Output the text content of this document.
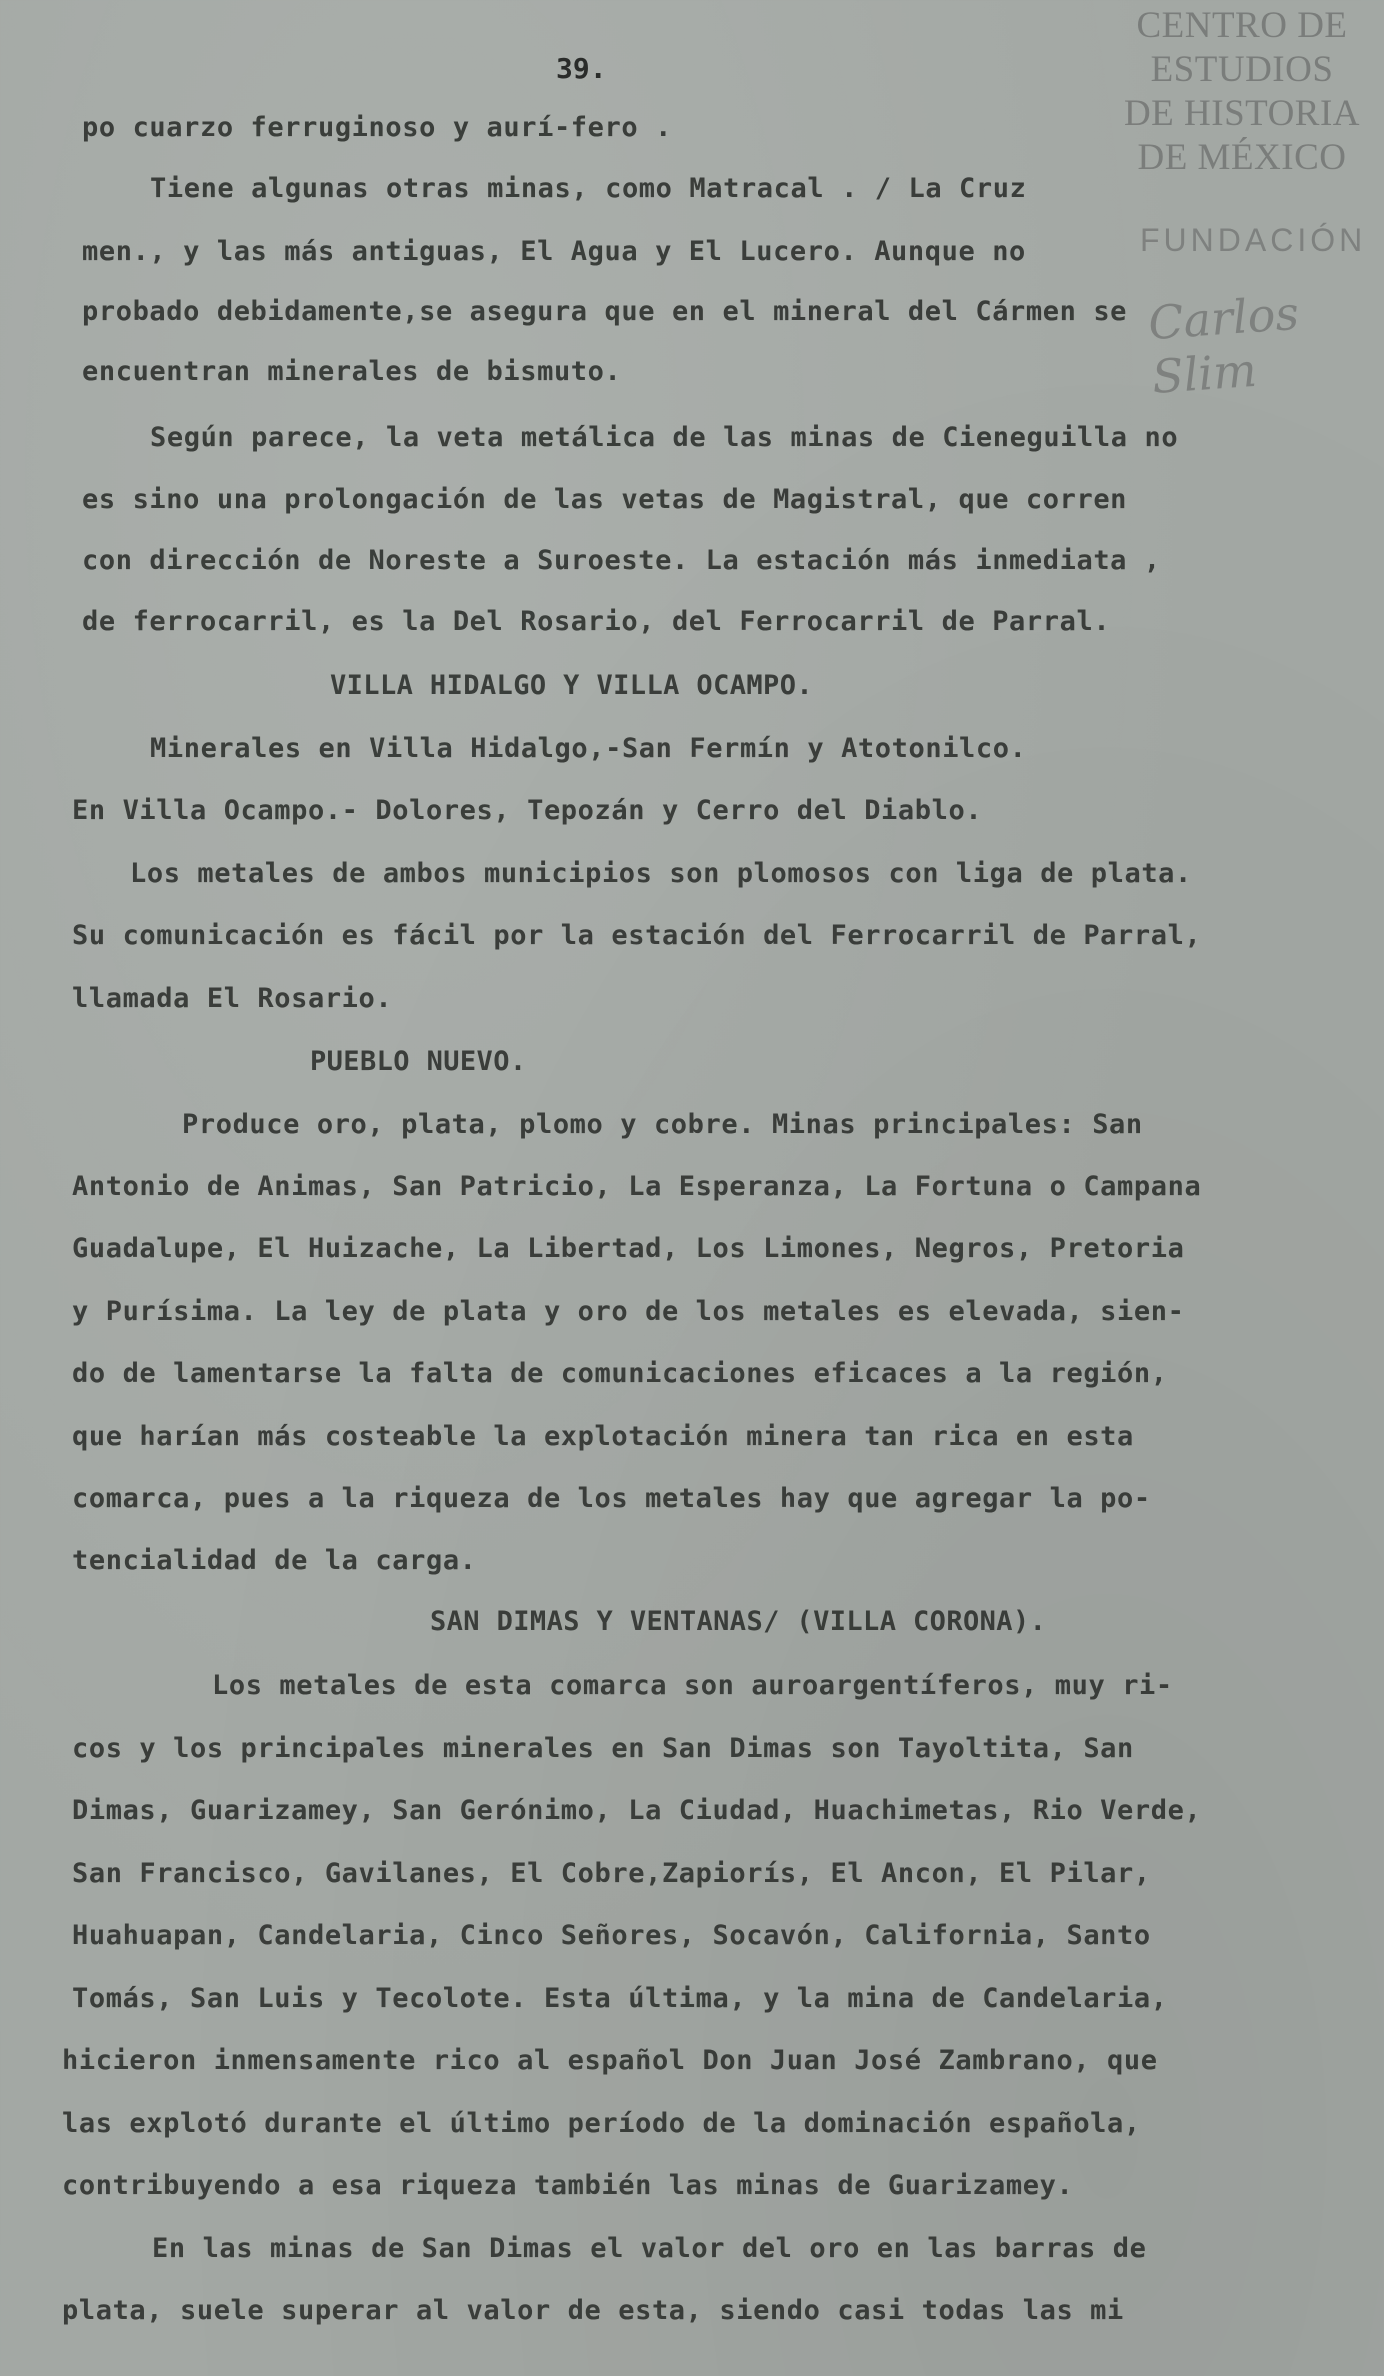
CENTRO DE
ESTUDIOS
DE HISTORIA
DE MÉXICO
FUNDACIÓN
Carlos Slim
39.
po cuarzo ferruginoso y aurí-fero .
Tiene algunas otras minas, como Matracal . / La Cruz
men., y las más antiguas, El Agua y El Lucero. Aunque no
probado debidamente,se asegura que en el mineral del Cármen se
encuentran minerales de bismuto.
Según parece, la veta metálica de las minas de Cieneguilla no
es sino una prolongación de las vetas de Magistral, que corren
con dirección de Noreste a Suroeste. La estación más inmediata ,
de ferrocarril, es la Del Rosario, del Ferrocarril de Parral.
VILLA HIDALGO Y VILLA OCAMPO.
Minerales en Villa Hidalgo,-San Fermín y Atotonilco.
En Villa Ocampo.- Dolores, Tepozán y Cerro del Diablo.
Los metales de ambos municipios son plomosos con liga de plata.
Su comunicación es fácil por la estación del Ferrocarril de Parral,
llamada El Rosario.
PUEBLO NUEVO.
Produce oro, plata, plomo y cobre. Minas principales: San
Antonio de Animas, San Patricio, La Esperanza, La Fortuna o Campana
Guadalupe, El Huizache, La Libertad, Los Limones, Negros, Pretoria
y Purísima. La ley de plata y oro de los metales es elevada, sien-
do de lamentarse la falta de comunicaciones eficaces a la región,
que harían más costeable la explotación minera tan rica en esta
comarca, pues a la riqueza de los metales hay que agregar la po-
tencialidad de la carga.
SAN DIMAS Y VENTANAS/ (VILLA CORONA).
Los metales de esta comarca son auroargentíferos, muy ri-
cos y los principales minerales en San Dimas son Tayoltita, San
Dimas, Guarizamey, San Gerónimo, La Ciudad, Huachimetas, Rio Verde,
San Francisco, Gavilanes, El Cobre,Zapiorís, El Ancon, El Pilar,
Huahuapan, Candelaria, Cinco Señores, Socavón, California, Santo
Tomás, San Luis y Tecolote. Esta última, y la mina de Candelaria,
hicieron inmensamente rico al español Don Juan José Zambrano, que
las explotó durante el último período de la dominación española,
contribuyendo a esa riqueza también las minas de Guarizamey.
En las minas de San Dimas el valor del oro en las barras de
plata, suele superar al valor de esta, siendo casi todas las mi
